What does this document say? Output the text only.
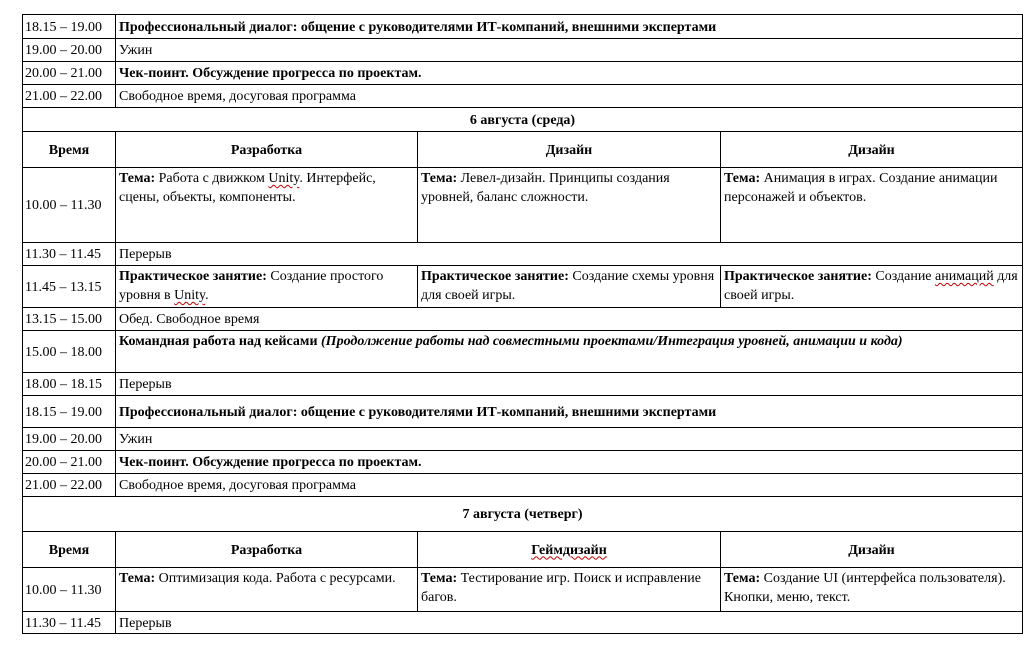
18.15 – 19.00	Профессиональный диалог: общение с руководителями ИТ-компаний, внешними экспертами		
19.00 – 20.00	Ужин		
20.00 – 21.00	Чек-поинт. Обсуждение прогресса по проектам.		
21.00 – 22.00	Свободное время, досуговая программа		
6 августа (среда)			
Время	Разработка	Дизайн	Дизайн
10.00 – 11.30	Тема: Работа с движком Unity. Интерфейс, сцены, объекты, компоненты.	Тема: Левел-дизайн. Принципы создания уровней, баланс сложности.	Тема: Анимация в играх. Создание анимации персонажей и объектов.
11.30 – 11.45	Перерыв		
11.45 – 13.15	Практическое занятие: Создание простого уровня в Unity.	Практическое занятие: Создание схемы уровня для своей игры.	Практическое занятие: Создание анимаций для своей игры.
13.15 – 15.00	Обед. Свободное время		
15.00 – 18.00	Командная работа над кейсами (Продолжение работы над совместными проектами/Интеграция уровней, анимации и кода)		
18.00 – 18.15	Перерыв		
18.15 – 19.00	Профессиональный диалог: общение с руководителями ИТ-компаний, внешними экспертами		
19.00 – 20.00	Ужин		
20.00 – 21.00	Чек-поинт. Обсуждение прогресса по проектам.		
21.00 – 22.00	Свободное время, досуговая программа		
7 августа (четверг)			
Время	Разработка	Геймдизайн	Дизайн
10.00 – 11.30	Тема: Оптимизация кода. Работа с ресурсами.	Тема: Тестирование игр. Поиск и исправление багов.	Тема: Создание UI (интерфейса пользователя). Кнопки, меню, текст.
11.30 – 11.45	Перерыв		
